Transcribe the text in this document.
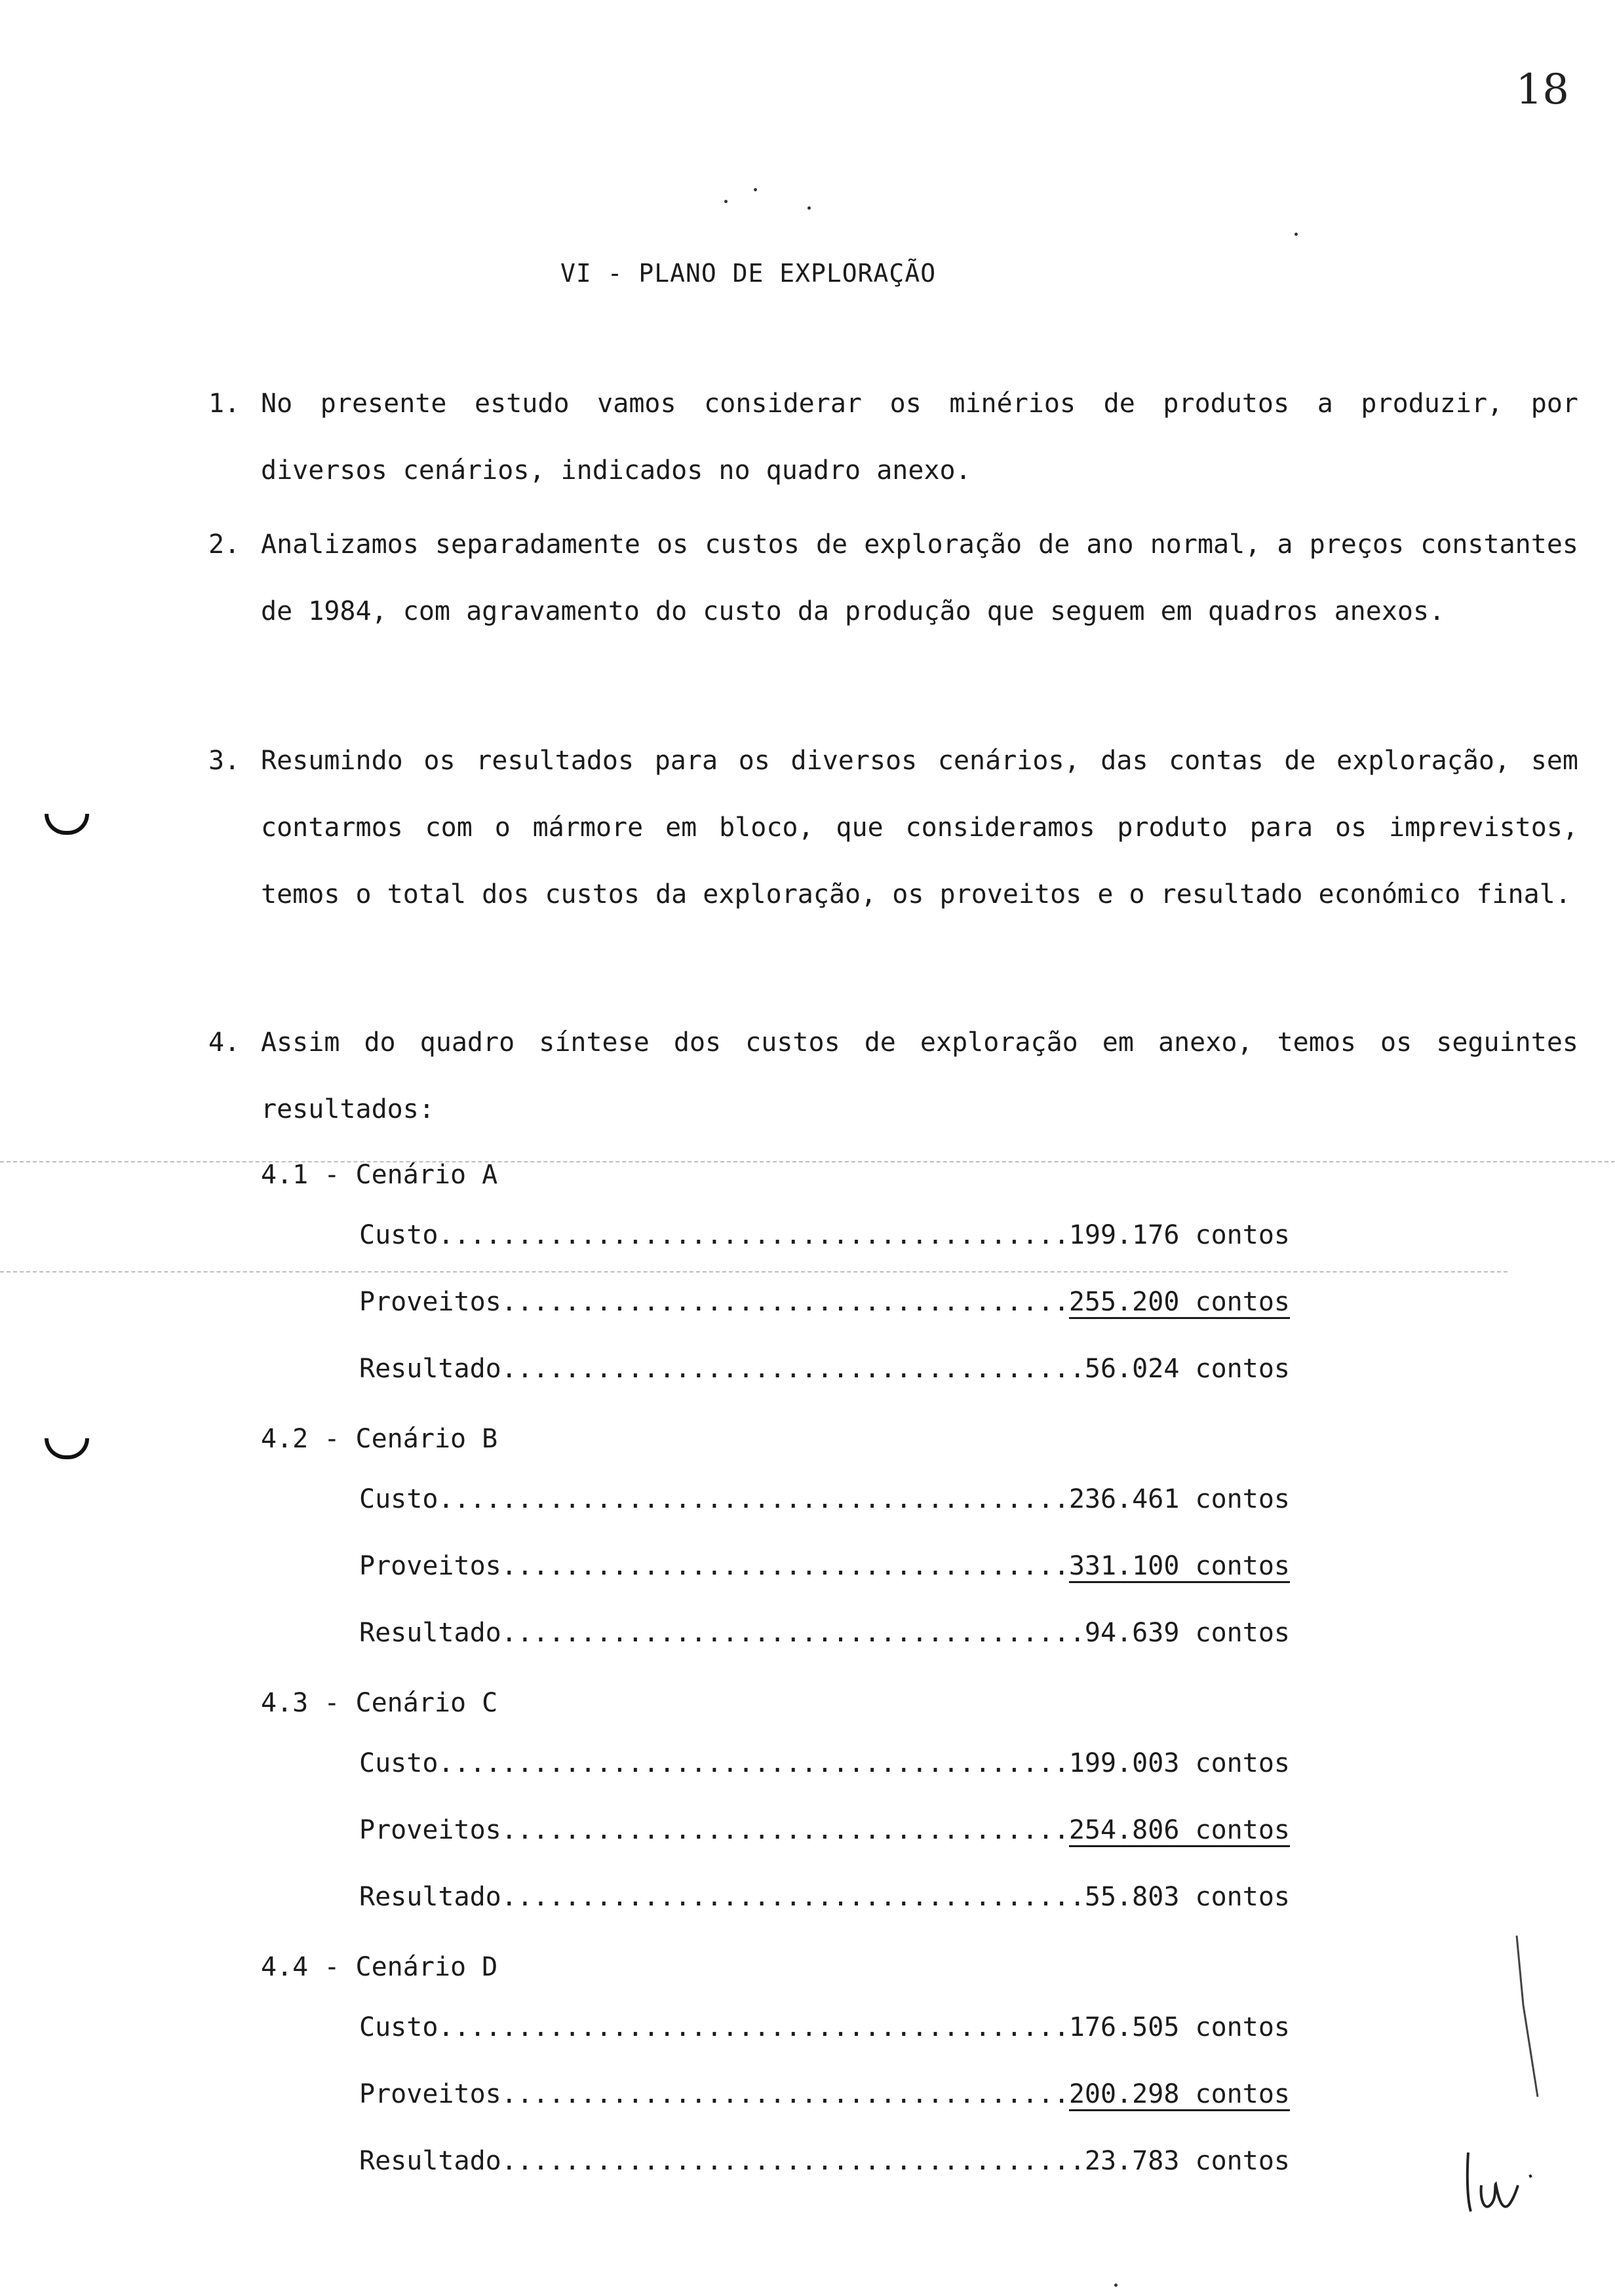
18
VI - PLANO DE EXPLORAÇÃO
1. No presente estudo vamos considerar os minérios de produtos a produzir, por diversos cenários, indicados no quadro anexo.
2. Analizamos separadamente os custos de exploração de ano normal, a preços constantes de 1984, com agravamento do custo da produção que seguem em quadros anexos.
3. Resumindo os resultados para os diversos cenários, das contas de exploração, sem contarmos com o mármore em bloco, que consideramos produto para os imprevistos, temos o total dos custos da exploração, os proveitos e o resultado económico final.
4. Assim do quadro síntese dos custos de exploração em anexo, temos os seguintes resultados:
4.1 - Cenário A
Custo .....	199.176 contos
Proveitos .....	255.200 contos
Resultado .....	56.024 contos
4.2 - Cenário B
Custo .....	236.461 contos
Proveitos .....	331.100 contos
Resultado .....	94.639 contos
4.3 - Cenário C
Custo .....	199.003 contos
Proveitos .....	254.806 contos
Resultado .....	55.803 contos
4.4 - Cenário D
Custo .....	176.505 contos
Proveitos .....	200.298 contos
Resultado .....	23.783 contos
